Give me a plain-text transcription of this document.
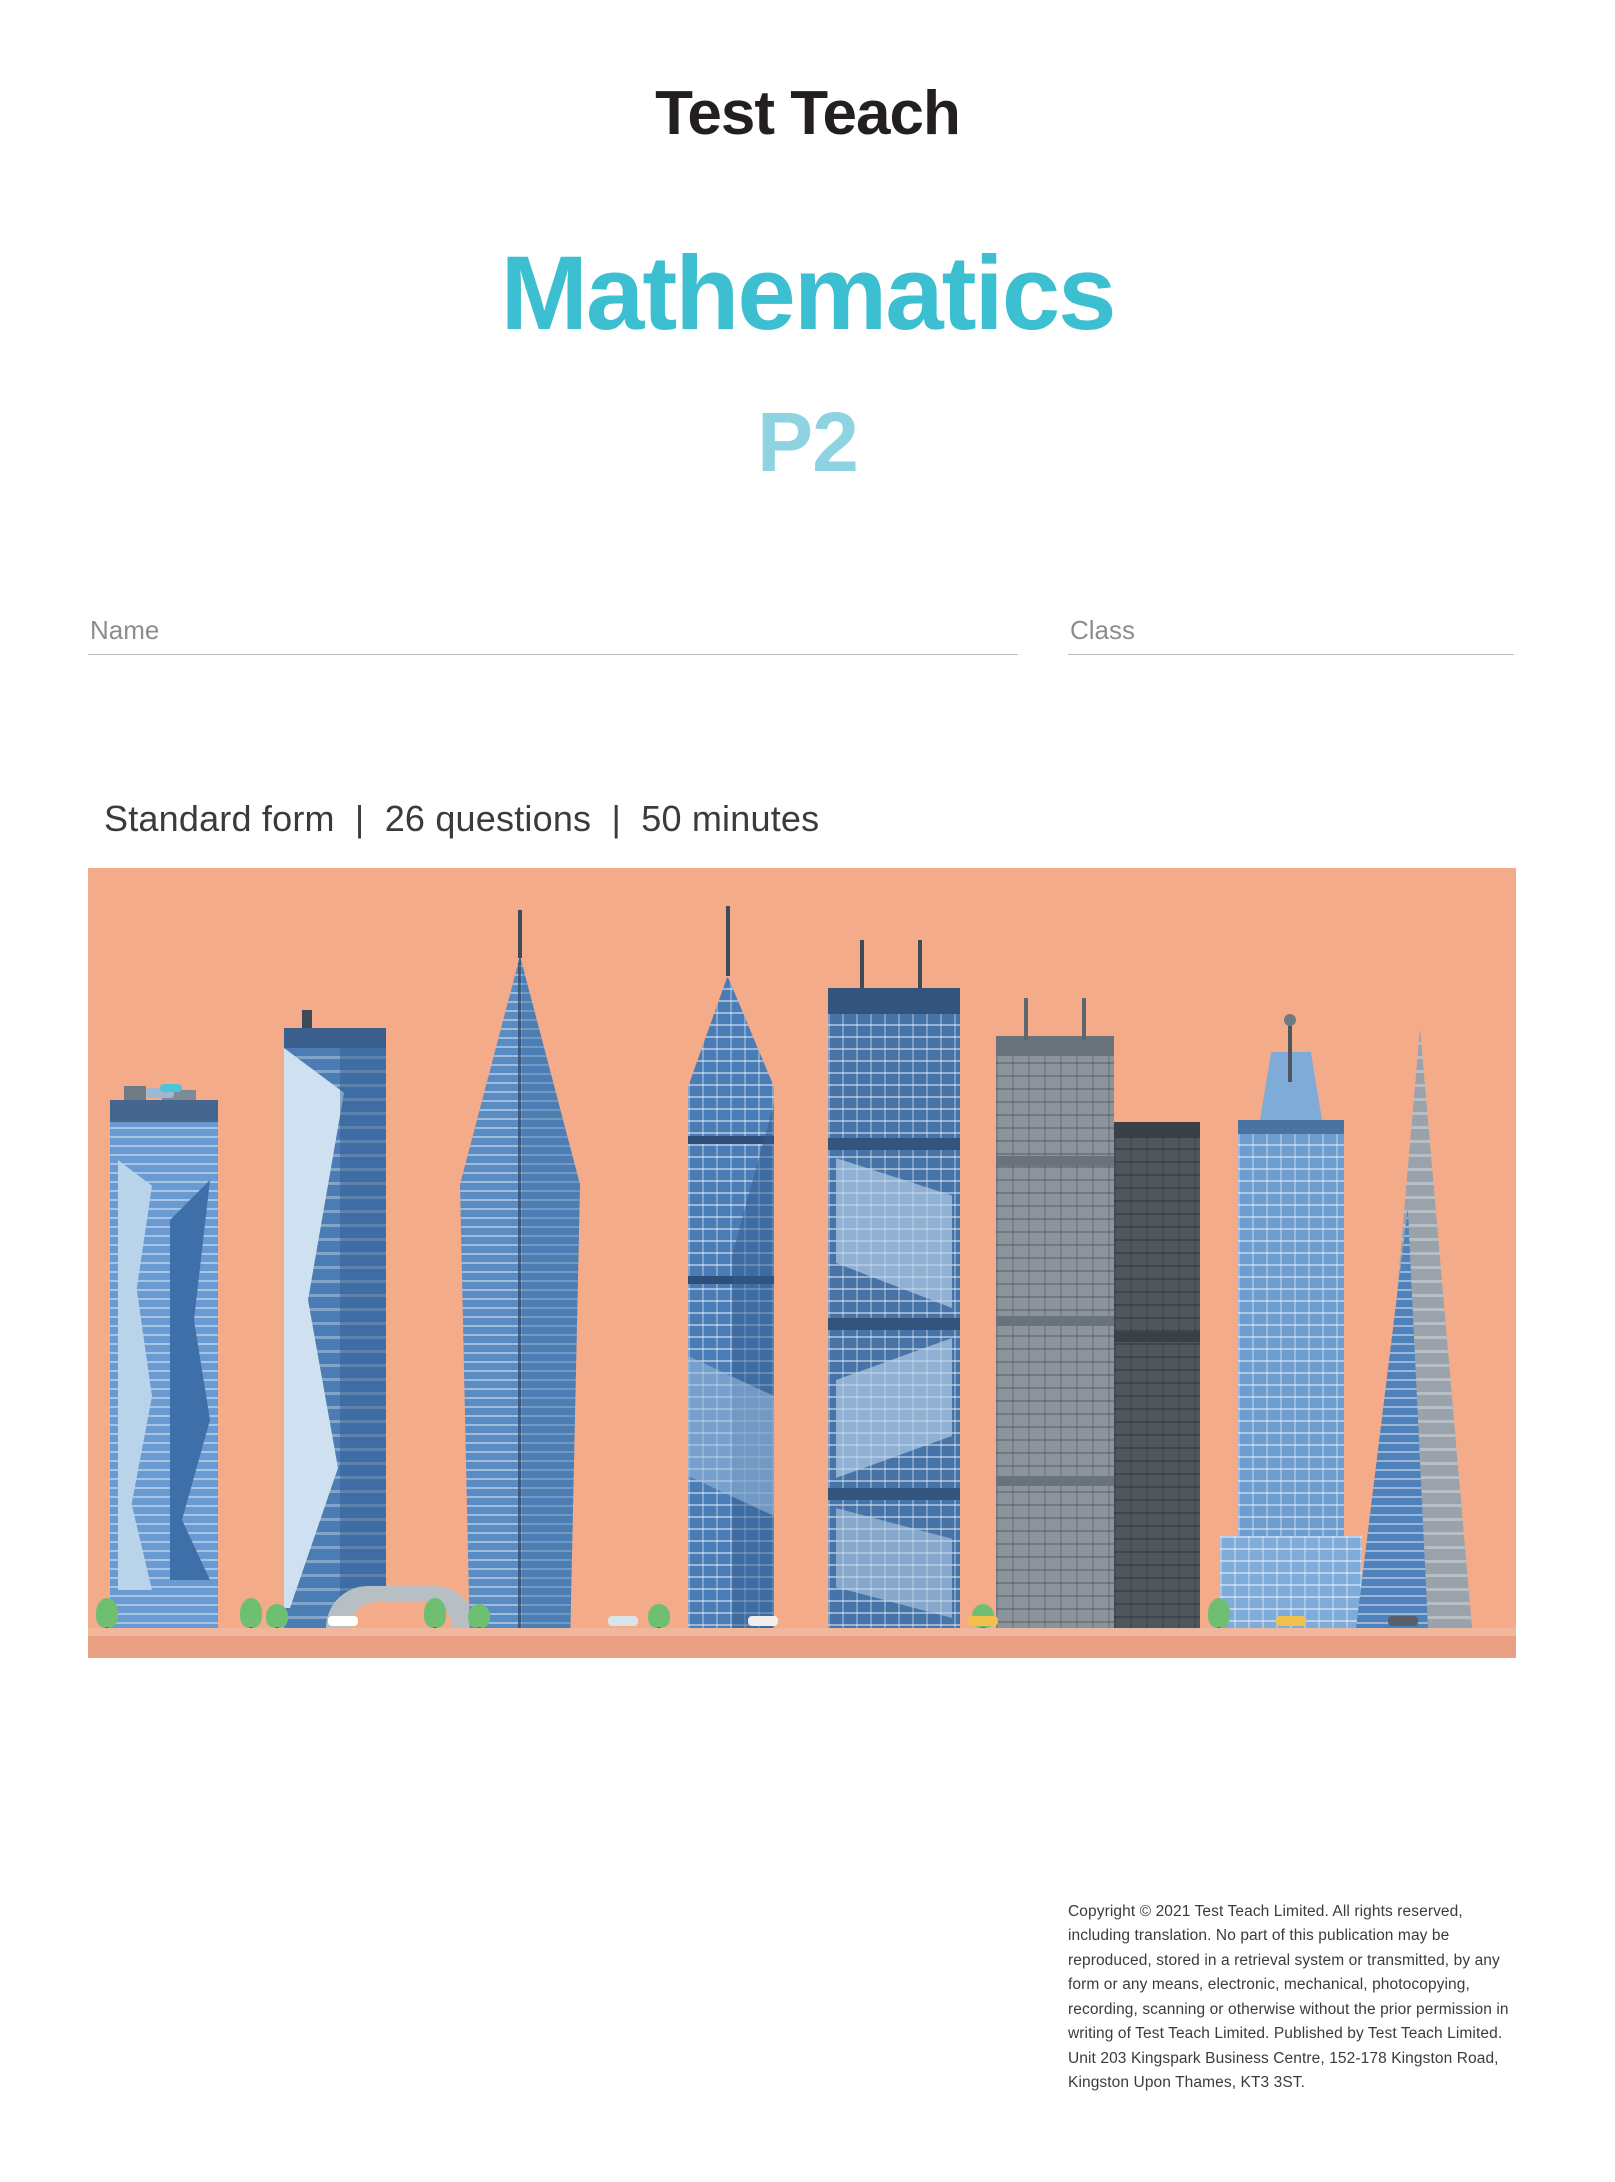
Test Teach
Mathematics
P2
Name	Class
Standard form | 26 questions | 50 minutes
Copyright © 2021 Test Teach Limited. All rights reserved, including translation. No part of this publication may be reproduced, stored in a retrieval system or transmitted, by any form or any means, electronic, mechanical, photocopying, recording, scanning or otherwise without the prior permission in writing of Test Teach Limited. Published by Test Teach Limited. Unit 203 Kingspark Business Centre, 152-178 Kingston Road, Kingston Upon Thames, KT3 3ST.
